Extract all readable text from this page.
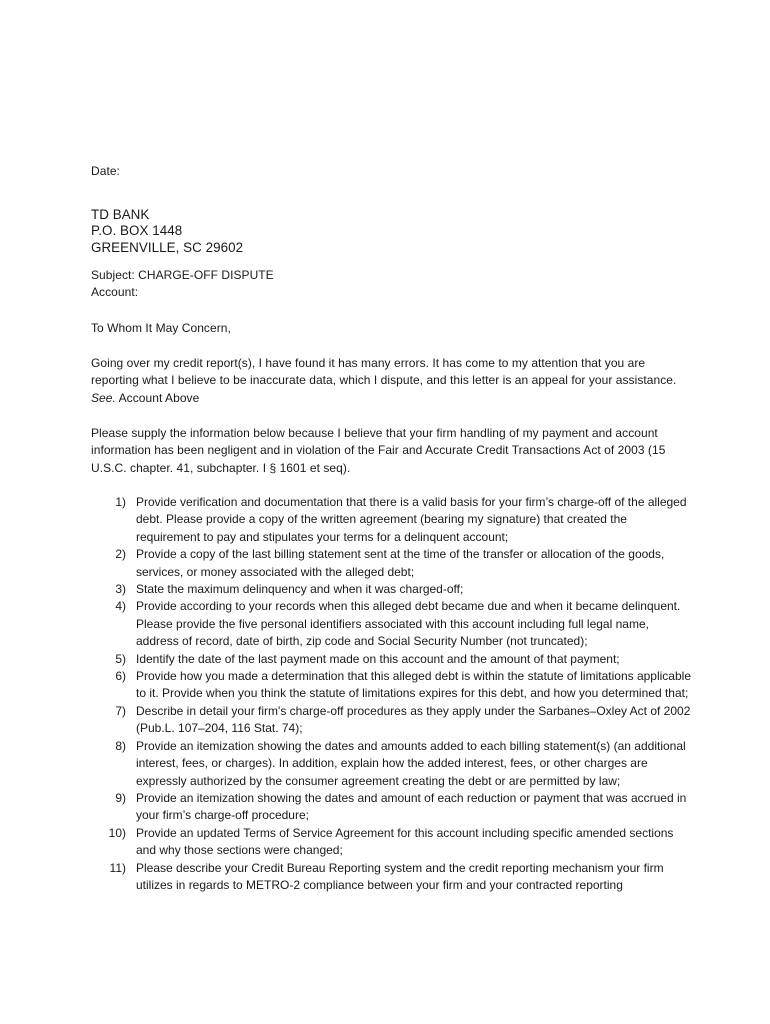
Date:

TD BANK
P.O. BOX 1448
GREENVILLE, SC 29602
Subject: CHARGE-OFF DISPUTE
Account:

To Whom It May Concern,

Going over my credit report(s), I have found it has many errors. It has come to my attention that you are reporting what I believe to be inaccurate data, which I dispute, and this letter is an appeal for your assistance. See. Account Above

Please supply the information below because I believe that your firm handling of my payment and account information has been negligent and in violation of the Fair and Accurate Credit Transactions Act of 2003 (15 U.S.C. chapter. 41, subchapter. I § 1601 et seq).

1) Provide verification and documentation that there is a valid basis for your firm’s charge-off of the alleged debt. Please provide a copy of the written agreement (bearing my signature) that created the requirement to pay and stipulates your terms for a delinquent account;
2) Provide a copy of the last billing statement sent at the time of the transfer or allocation of the goods, services, or money associated with the alleged debt;
3) State the maximum delinquency and when it was charged-off;
4) Provide according to your records when this alleged debt became due and when it became delinquent. Please provide the five personal identifiers associated with this account including full legal name, address of record, date of birth, zip code and Social Security Number (not truncated);
5) Identify the date of the last payment made on this account and the amount of that payment;
6) Provide how you made a determination that this alleged debt is within the statute of limitations applicable to it. Provide when you think the statute of limitations expires for this debt, and how you determined that;
7) Describe in detail your firm's charge-off procedures as they apply under the Sarbanes–Oxley Act of 2002 (Pub.L. 107–204, 116 Stat. 74);
8) Provide an itemization showing the dates and amounts added to each billing statement(s) (an additional interest, fees, or charges). In addition, explain how the added interest, fees, or other charges are expressly authorized by the consumer agreement creating the debt or are permitted by law;
9) Provide an itemization showing the dates and amount of each reduction or payment that was accrued in your firm’s charge-off procedure;
10) Provide an updated Terms of Service Agreement for this account including specific amended sections and why those sections were changed;
11) Please describe your Credit Bureau Reporting system and the credit reporting mechanism your firm utilizes in regards to METRO-2 compliance between your firm and your contracted reporting
